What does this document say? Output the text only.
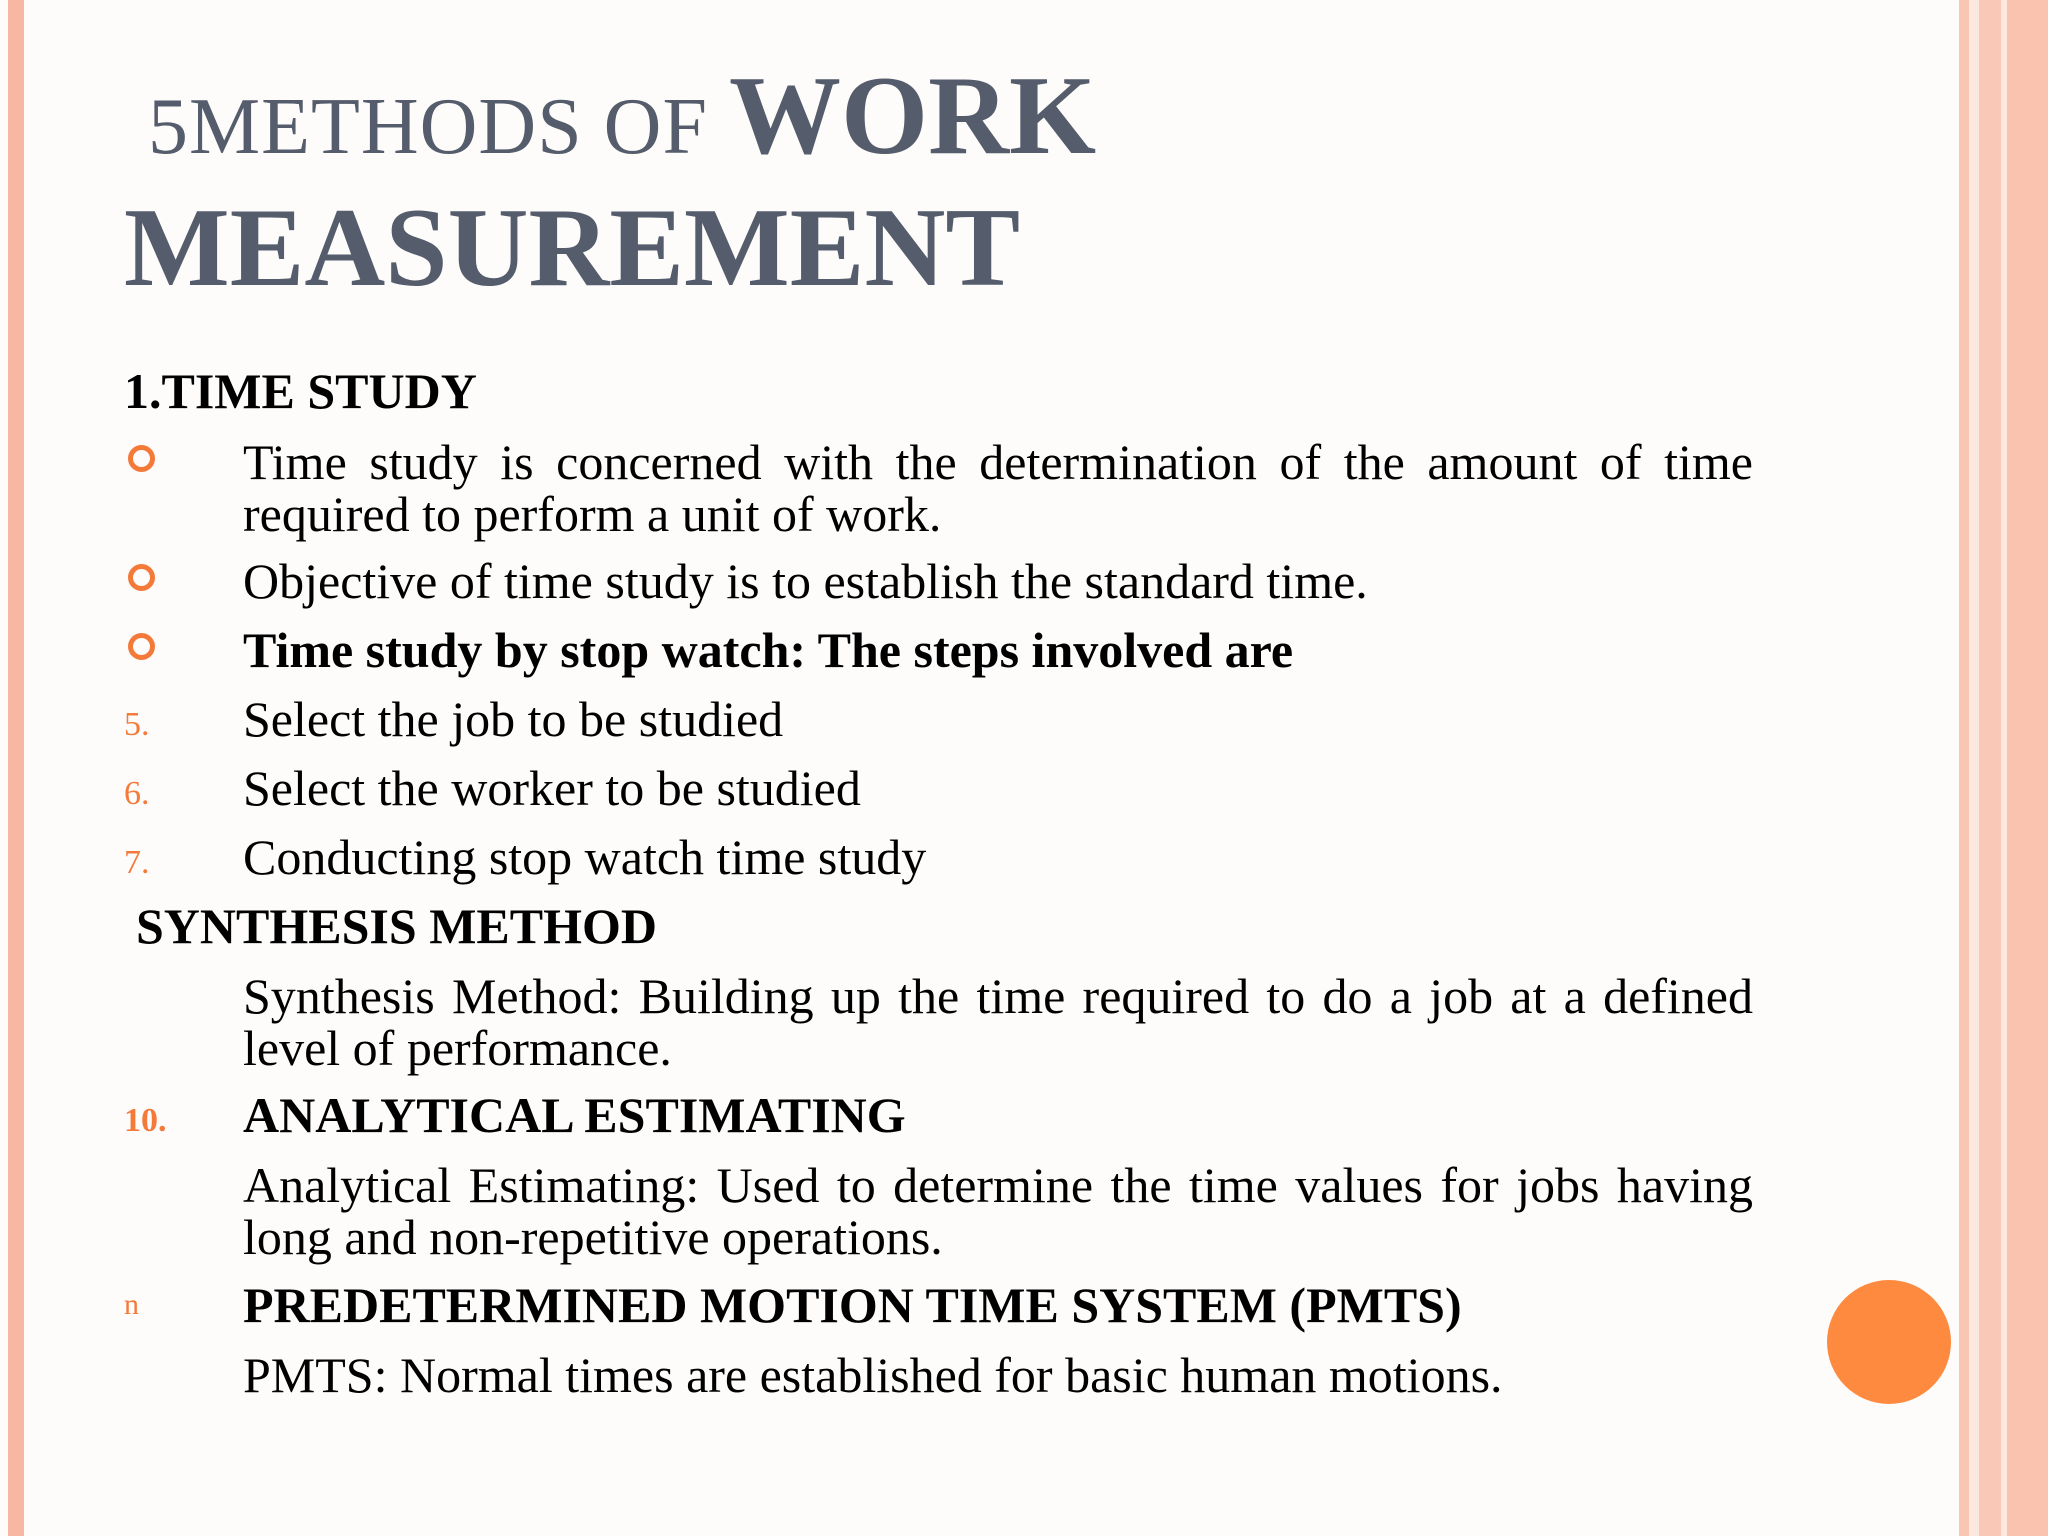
5METHODS OF WORK
MEASUREMENT
1.TIME STUDY
Time study is concerned with the determination of the amount of time required to perform a unit of work.
Objective of time study is to establish the standard time.
Time study by stop watch: The steps involved are
5. Select the job to be studied
6. Select the worker to be studied
7. Conducting stop watch time study
SYNTHESIS METHOD
Synthesis Method: Building up the time required to do a job at a defined level of performance.
10. ANALYTICAL ESTIMATING
Analytical Estimating: Used to determine the time values for jobs having long and non-repetitive operations.
n PREDETERMINED MOTION TIME SYSTEM (PMTS)
PMTS: Normal times are established for basic human motions.
